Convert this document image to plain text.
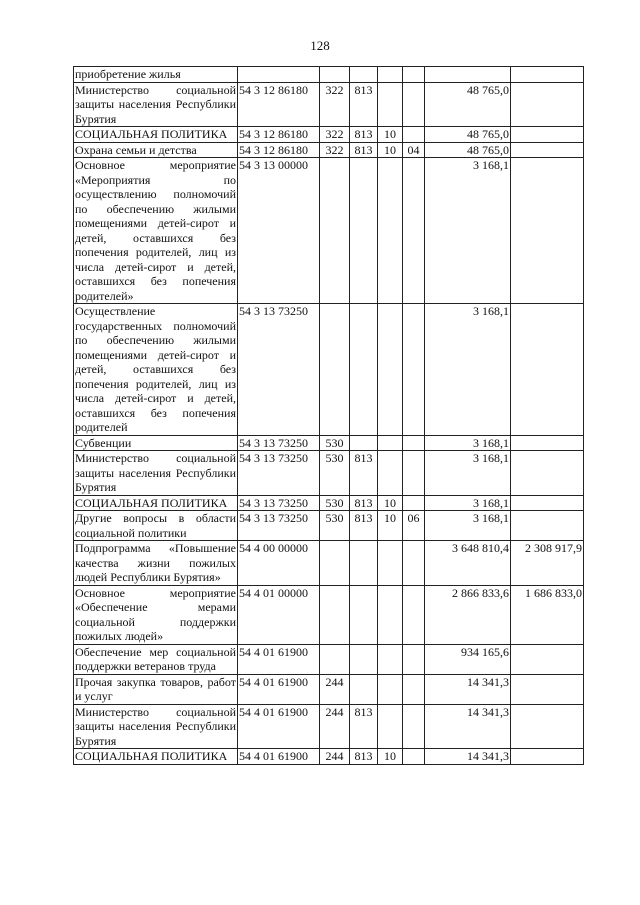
128
приобретение жилья							
Министерство социальной защиты населения Республики Бурятия	54 3 12 86180	322	813			48 765,0	
СОЦИАЛЬНАЯ ПОЛИТИКА	54 3 12 86180	322	813	10		48 765,0	
Охрана семьи и детства	54 3 12 86180	322	813	10	04	48 765,0	
Основное мероприятие «Мероприятия по осуществлению полномочий по обеспечению жилыми помещениями детей-сирот и детей, оставшихся без попечения родителей, лиц из числа детей-сирот и детей, оставшихся без попечения родителей»	54 3 13 00000					3 168,1	
Осуществление государственных полномочий по обеспечению жилыми помещениями детей-сирот и детей, оставшихся без попечения родителей, лиц из числа детей-сирот и детей, оставшихся без попечения родителей	54 3 13 73250					3 168,1	
Субвенции	54 3 13 73250	530				3 168,1	
Министерство социальной защиты населения Республики Бурятия	54 3 13 73250	530	813			3 168,1	
СОЦИАЛЬНАЯ ПОЛИТИКА	54 3 13 73250	530	813	10		3 168,1	
Другие вопросы в области социальной политики	54 3 13 73250	530	813	10	06	3 168,1	
Подпрограмма «Повышение качества жизни пожилых людей Республики Бурятия»	54 4 00 00000					3 648 810,4	2 308 917,9
Основное мероприятие «Обеспечение мерами социальной поддержки пожилых людей»	54 4 01 00000					2 866 833,6	1 686 833,0
Обеспечение мер социальной поддержки ветеранов труда	54 4 01 61900					934 165,6	
Прочая закупка товаров, работ и услуг	54 4 01 61900	244				14 341,3	
Министерство социальной защиты населения Республики Бурятия	54 4 01 61900	244	813			14 341,3	
СОЦИАЛЬНАЯ ПОЛИТИКА	54 4 01 61900	244	813	10		14 341,3	
